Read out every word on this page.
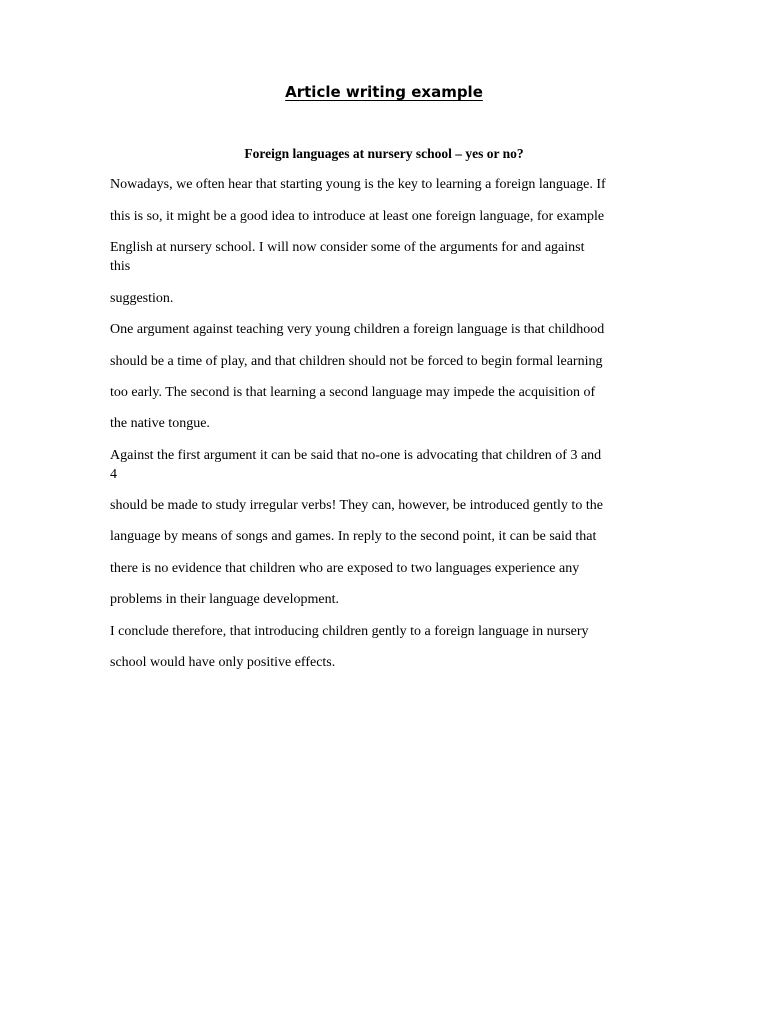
Article writing example
Foreign languages at nursery school – yes or no?

Nowadays, we often hear that starting young is the key to learning a foreign language. If

this is so, it might be a good idea to introduce at least one foreign language, for example

English at nursery school. I will now consider some of the arguments for and against

this

suggestion.

One argument against teaching very young children a foreign language is that childhood

should be a time of play, and that children should not be forced to begin formal learning

too early. The second is that learning a second language may impede the acquisition of

the native tongue.

Against the first argument it can be said that no-one is advocating that children of 3 and

4

should be made to study irregular verbs! They can, however, be introduced gently to the

language by means of songs and games. In reply to the second point, it can be said that

there is no evidence that children who are exposed to two languages experience any

problems in their language development.

I conclude therefore, that introducing children gently to a foreign language in nursery

school would have only positive effects.
